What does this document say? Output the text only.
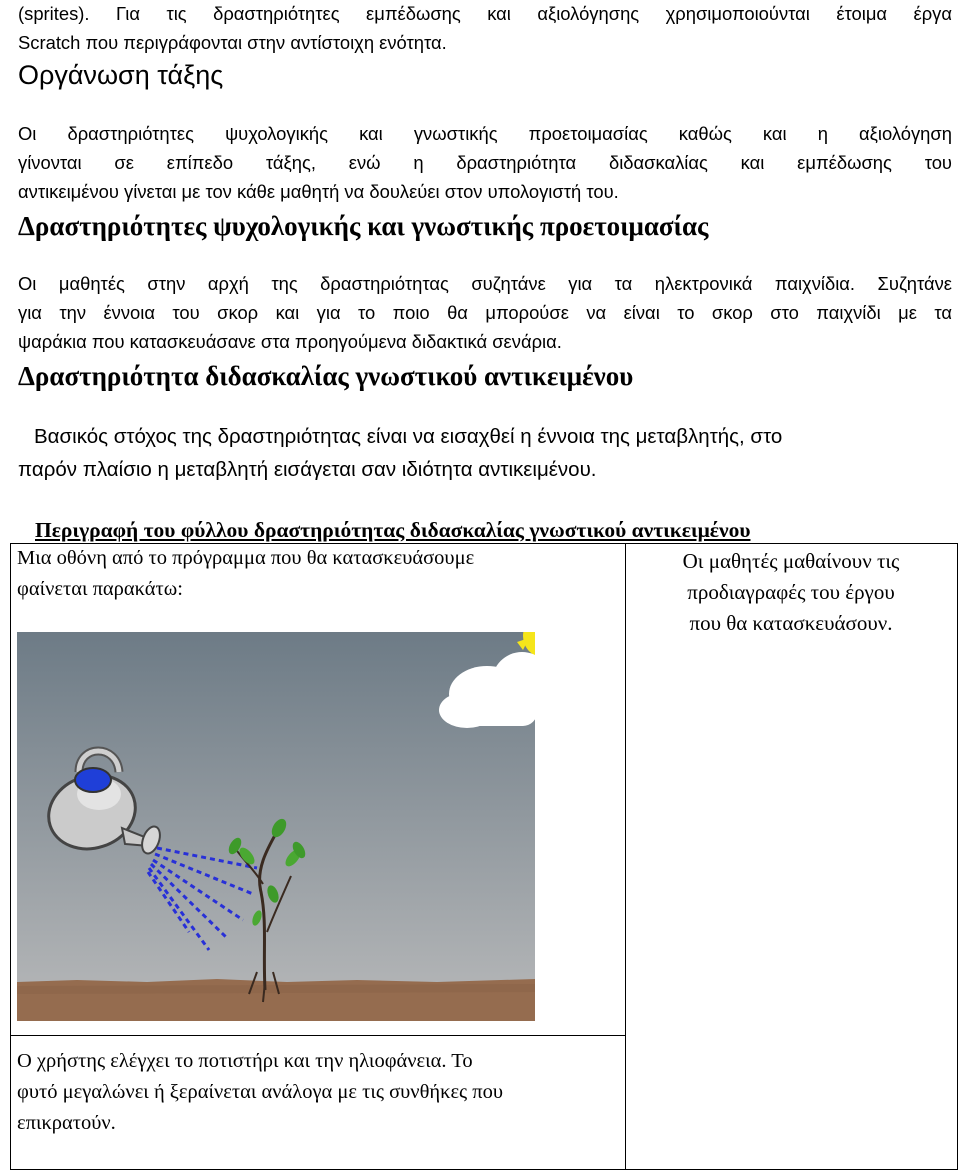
(sprites). Για τις δραστηριότητες εμπέδωσης και αξιολόγησης χρησιμοποιούνται έτοιμα έργα
Scratch που περιγράφονται στην αντίστοιχη ενότητα.
Οργάνωση τάξης
Οι δραστηριότητες ψυχολογικής και γνωστικής προετοιμασίας καθώς και η αξιολόγηση
γίνονται σε επίπεδο τάξης, ενώ η δραστηριότητα διδασκαλίας και εμπέδωσης του
αντικειμένου γίνεται με τον κάθε μαθητή να δουλεύει στον υπολογιστή του.
Δραστηριότητες ψυχολογικής και γνωστικής προετοιμασίας
Οι μαθητές στην αρχή της δραστηριότητας συζητάνε για τα ηλεκτρονικά παιχνίδια. Συζητάνε
για την έννοια του σκορ και για το ποιο θα μπορούσε να είναι το σκορ στο παιχνίδι με τα
ψαράκια που κατασκευάσανε στα προηγούμενα διδακτικά σενάρια.
Δραστηριότητα διδασκαλίας γνωστικού αντικειμένου
Βασικός στόχος της δραστηριότητας είναι να εισαχθεί η έννοια της μεταβλητής, στο
παρόν πλαίσιο η μεταβλητή εισάγεται σαν ιδιότητα αντικειμένου.
Περιγραφή του φύλλου δραστηριότητας διδασκαλίας γνωστικού αντικειμένου
Μια οθόνη από το πρόγραμμα που θα κατασκευάσουμε
φαίνεται παρακάτω:
Οι μαθητές μαθαίνουν τις
προδιαγραφές του έργου
που θα κατασκευάσουν.
Ο χρήστης ελέγχει το ποτιστήρι και την ηλιοφάνεια. Το
φυτό μεγαλώνει ή ξεραίνεται ανάλογα με τις συνθήκες που
επικρατούν.
